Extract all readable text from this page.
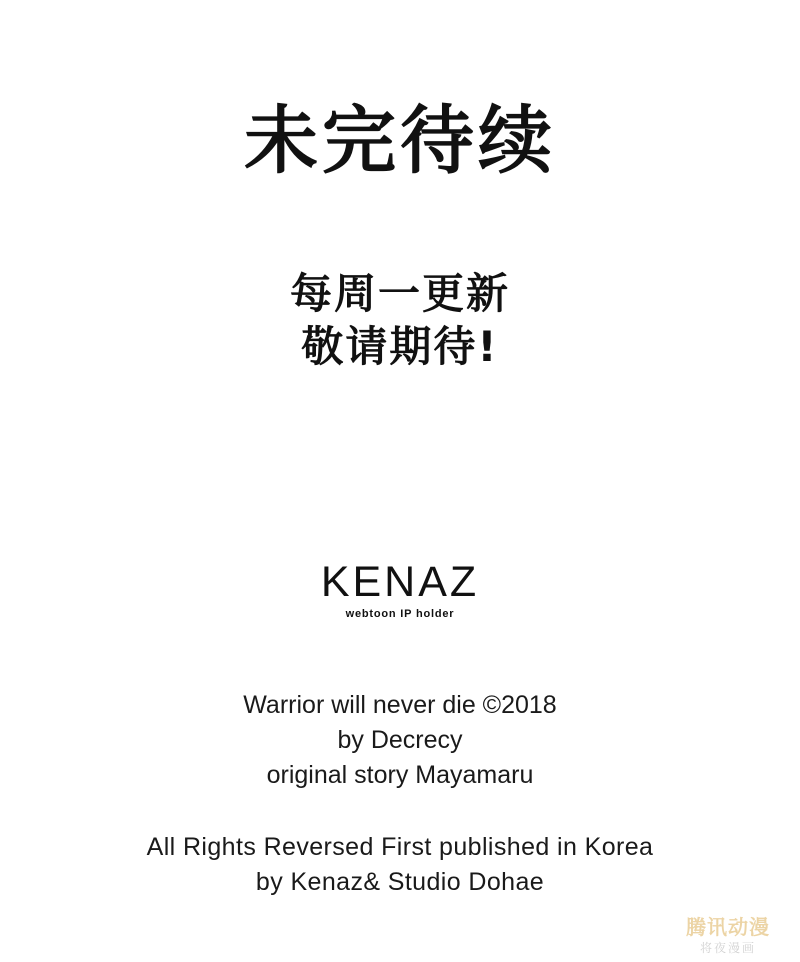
未完待续
每周一更新
敬请期待!
KENAZ
webtoon IP holder
Warrior will never die ©2018
by Decrecy
original story Mayamaru
All Rights Reversed First published in Korea
by Kenaz& Studio Dohae
腾讯动漫
将夜漫画
